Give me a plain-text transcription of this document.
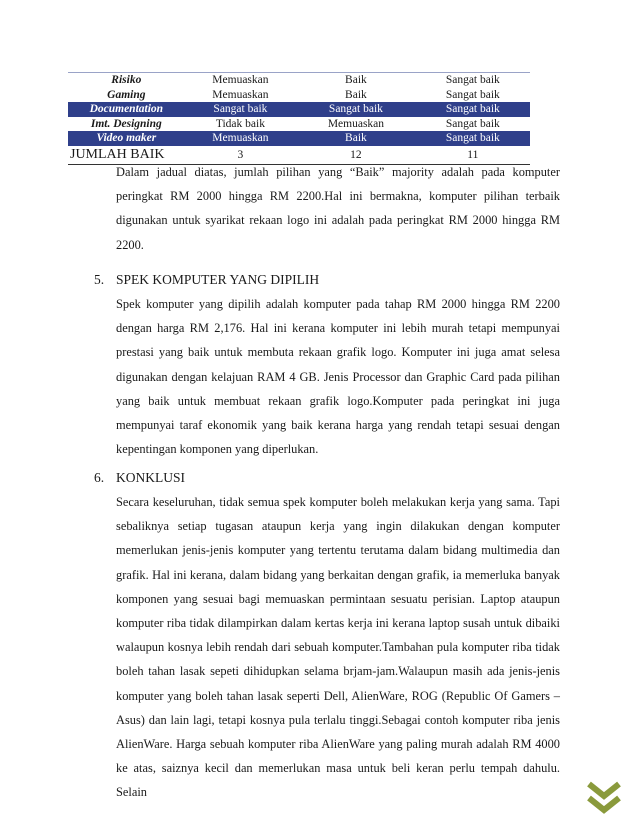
Risiko	Memuaskan	Baik	Sangat baik
Gaming	Memuaskan	Baik	Sangat baik
Documentation	Sangat baik	Sangat baik	Sangat baik
Imt. Designing	Tidak baik	Memuaskan	Sangat baik
Video maker	Memuaskan	Baik	Sangat baik
JUMLAH BAIK	3	12	11

Dalam jadual diatas, jumlah pilihan yang “Baik” majority adalah pada komputer peringkat RM 2000 hingga RM 2200.Hal ini bermakna, komputer pilihan terbaik digunakan untuk syarikat rekaan logo ini adalah pada peringkat RM 2000 hingga RM 2200.

5. SPEK KOMPUTER YANG DIPILIH

Spek komputer yang dipilih adalah komputer pada tahap RM 2000 hingga RM 2200 dengan harga RM 2,176. Hal ini kerana komputer ini lebih murah tetapi mempunyai prestasi yang baik untuk membuta rekaan grafik logo. Komputer ini juga amat selesa digunakan dengan kelajuan RAM 4 GB. Jenis Processor dan Graphic Card pada pilihan yang baik untuk membuat rekaan grafik logo.Komputer pada peringkat ini juga mempunyai taraf ekonomik yang baik kerana harga yang rendah tetapi sesuai dengan kepentingan komponen yang diperlukan.

6. KONKLUSI

Secara keseluruhan, tidak semua spek komputer boleh melakukan kerja yang sama. Tapi sebaliknya setiap tugasan ataupun kerja yang ingin dilakukan dengan komputer memerlukan jenis-jenis komputer yang tertentu terutama dalam bidang multimedia dan grafik. Hal ini kerana, dalam bidang yang berkaitan dengan grafik, ia memerluka banyak komponen yang sesuai bagi memuaskan permintaan sesuatu perisian. Laptop ataupun komputer riba tidak dilampirkan dalam kertas kerja ini kerana laptop susah untuk dibaiki walaupun kosnya lebih rendah dari sebuah komputer.Tambahan pula komputer riba tidak boleh tahan lasak sepeti dihidupkan selama brjam-jam.Walaupun masih ada jenis-jenis komputer yang boleh tahan lasak seperti Dell, AlienWare, ROG (Republic Of Gamers – Asus) dan lain lagi, tetapi kosnya pula terlalu tinggi.Sebagai contoh komputer riba jenis AlienWare. Harga sebuah komputer riba AlienWare yang paling murah adalah RM 4000 ke atas, saiznya kecil dan memerlukan masa untuk beli keran perlu tempah dahulu. Selain
